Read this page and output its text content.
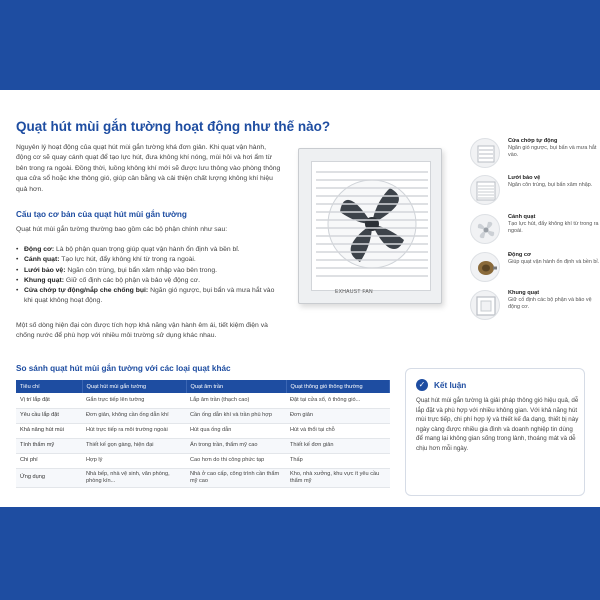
Quạt hút mùi gắn tường hoạt động như thế nào?

Nguyên lý hoạt động của quạt hút mùi gắn tường khá đơn giản. Khi quạt vận hành, động cơ sẽ quay cánh quạt để tạo lực hút, đưa không khí nóng, mùi hôi và hơi ẩm từ bên trong ra ngoài. Đồng thời, luồng không khí mới sẽ được lưu thông vào phòng thông qua cửa sổ hoặc khe thông gió, giúp cân bằng và cải thiện chất lượng không khí hiệu quả hơn.

Cấu tạo cơ bản của quạt hút mùi gắn tường

Quạt hút mùi gắn tường thường bao gồm các bộ phận chính như sau:

• Động cơ: Là bộ phận quan trọng giúp quạt vận hành ổn định và bền bỉ.
• Cánh quạt: Tạo lực hút, đẩy không khí từ trong ra ngoài.
• Lưới bảo vệ: Ngăn côn trùng, bụi bẩn xâm nhập vào bên trong.
• Khung quạt: Giữ cố định các bộ phận và bảo vệ động cơ.
• Cửa chớp tự động/nắp che chống bụi: Ngăn gió ngược, bụi bẩn và mưa hắt vào khi quạt không hoạt động.

Một số dòng hiện đại còn được tích hợp khả năng vận hành êm ái, tiết kiệm điện và chống nước để phù hợp với nhiều môi trường sử dụng khác nhau.

EXHAUST FAN
Cửa chớp tự động
Ngăn gió ngược, bụi bẩn và mưa hắt vào.
Lưới bảo vệ
Ngăn côn trùng, bụi bẩn xâm nhập.
Cánh quạt
Tạo lực hút, đẩy không khí từ trong ra ngoài.
Động cơ
Giúp quạt vận hành ổn định và bền bỉ.
Khung quạt
Giữ cố định các bộ phận và bảo vệ động cơ.
So sánh quạt hút mùi gắn tường với các loại quạt khác
Tiêu chí	Quạt hút mùi gắn tường	Quạt âm trần	Quạt thông gió thông thường
Vị trí lắp đặt	Gắn trực tiếp lên tường	Lắp âm trần (thạch cao)	Đặt tại cửa sổ, ô thông gió...
Yêu cầu lắp đặt	Đơn giản, không cần ống dẫn khí	Cần ống dẫn khí và trần phù hợp	Đơn giản
Khả năng hút mùi	Hút trực tiếp ra môi trường ngoài	Hút qua ống dẫn	Hút và thổi tại chỗ
Tính thẩm mỹ	Thiết kế gọn gàng, hiện đại	Ẩn trong trần, thẩm mỹ cao	Thiết kế đơn giản
Chi phí	Hợp lý	Cao hơn do thi công phức tạp	Thấp
Ứng dụng	Nhà bếp, nhà vệ sinh, văn phòng, phòng kín...	Nhà ở cao cấp, công trình cần thẩm mỹ cao	Kho, nhà xưởng, khu vực ít yêu cầu thẩm mỹ
✓	Kết luận

Quạt hút mùi gắn tường là giải pháp thông gió hiệu quả, dễ lắp đặt và phù hợp với nhiều không gian. Với khả năng hút mùi trực tiếp, chi phí hợp lý và thiết kế đa dạng, thiết bị này ngày càng được nhiều gia đình và doanh nghiệp tin dùng để mang lại không gian sống trong lành, thoáng mát và dễ chịu hơn mỗi ngày.
